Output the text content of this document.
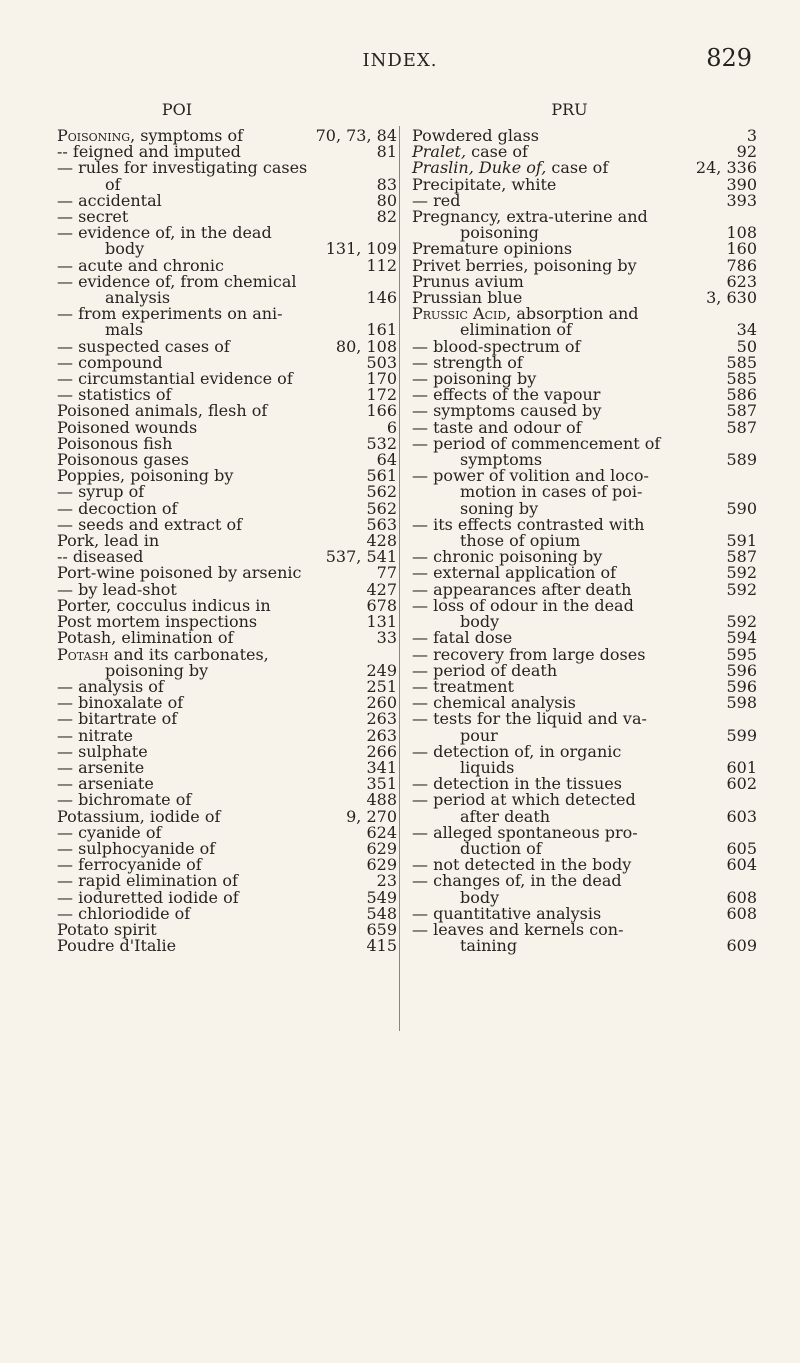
INDEX.	829
POI
Poisoning, symptoms of	70, 73, 84
-- feigned and imputed	81
— rules for investigating cases
of	83
— accidental	80
— secret	82
— evidence of, in the dead
body	131, 109
— acute and chronic	112
— evidence of, from chemical
analysis	146
— from experiments on ani-
mals	161
— suspected cases of	80, 108
— compound	503
— circumstantial evidence of	170
— statistics of	172
Poisoned animals, flesh of	166
Poisoned wounds	6
Poisonous fish	532
Poisonous gases	64
Poppies, poisoning by	561
— syrup of	562
— decoction of	562
— seeds and extract of	563
Pork, lead in	428
-- diseased	537, 541
Port-wine poisoned by arsenic	77
— by lead-shot	427
Porter, cocculus indicus in	678
Post mortem inspections	131
Potash, elimination of	33
Potash and its carbonates,
poisoning by	249
— analysis of	251
— binoxalate of	260
— bitartrate of	263
— nitrate	263
— sulphate	266
— arsenite	341
— arseniate	351
— bichromate of	488
Potassium, iodide of	9, 270
— cyanide of	624
— sulphocyanide of	629
— ferrocyanide of	629
— rapid elimination of	23
— ioduretted iodide of	549
— chloriodide of	548
Potato spirit	659
Poudre d'Italie	415
PRU
Powdered glass	3
Pralet, case of	92
Praslin, Duke of, case of	24, 336
Precipitate, white	390
— red	393
Pregnancy, extra-uterine and
poisoning	108
Premature opinions	160
Privet berries, poisoning by	786
Prunus avium	623
Prussian blue	3, 630
Prussic Acid, absorption and
elimination of	34
— blood-spectrum of	50
— strength of	585
— poisoning by	585
— effects of the vapour	586
— symptoms caused by	587
— taste and odour of	587
— period of commencement of
symptoms	589
— power of volition and loco-
motion in cases of poi-
soning by	590
— its effects contrasted with
those of opium	591
— chronic poisoning by	587
— external application of	592
— appearances after death	592
— loss of odour in the dead
body	592
— fatal dose	594
— recovery from large doses	595
— period of death	596
— treatment	596
— chemical analysis	598
— tests for the liquid and va-
pour	599
— detection of, in organic
liquids	601
— detection in the tissues	602
— period at which detected
after death	603
— alleged spontaneous pro-
duction of	605
— not detected in the body	604
— changes of, in the dead
body	608
— quantitative analysis	608
— leaves and kernels con-
taining	609
